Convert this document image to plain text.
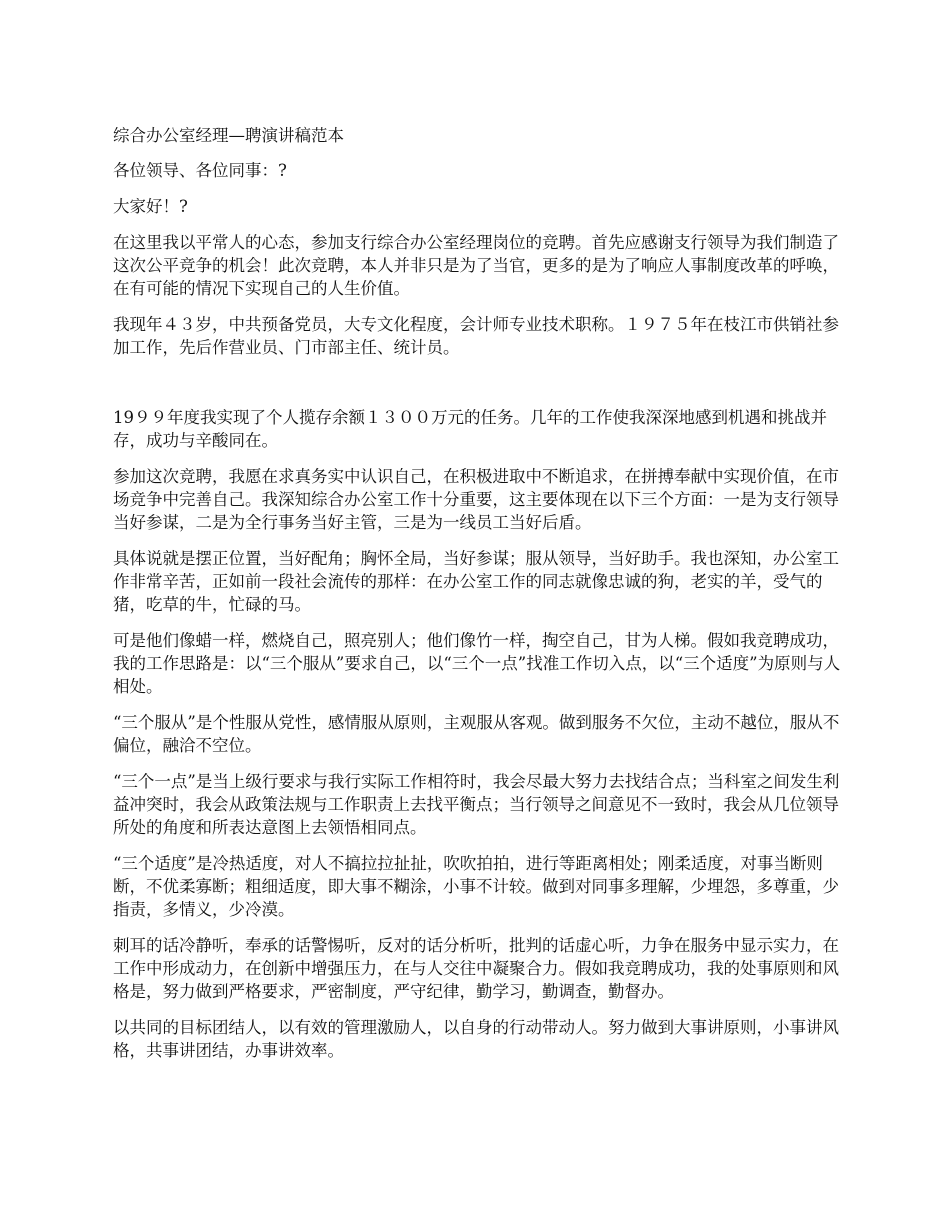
综合办公室经理—聘演讲稿范本

各位领导、各位同事：?

大家好！?

在这里我以平常人的心态，参加支行综合办公室经理岗位的竞聘。首先应感谢支行领导为我们制造了这次公平竞争的机会！此次竞聘，本人并非只是为了当官，更多的是为了响应人事制度改革的呼唤，在有可能的情况下实现自己的人生价值。

我现年４３岁，中共预备党员，大专文化程度，会计师专业技术职称。１９７５年在枝江市供销社参加工作，先后作营业员、门市部主任、统计员。

19９９年度我实现了个人揽存余额１３００万元的任务。几年的工作使我深深地感到机遇和挑战并存，成功与辛酸同在。

参加这次竞聘，我愿在求真务实中认识自己，在积极进取中不断追求，在拼搏奉献中实现价值，在市场竞争中完善自己。我深知综合办公室工作十分重要，这主要体现在以下三个方面：一是为支行领导当好参谋，二是为全行事务当好主管，三是为一线员工当好后盾。

具体说就是摆正位置，当好配角；胸怀全局，当好参谋；服从领导，当好助手。我也深知，办公室工作非常辛苦，正如前一段社会流传的那样：在办公室工作的同志就像忠诚的狗，老实的羊，受气的猪，吃草的牛，忙碌的马。

可是他们像蜡一样，燃烧自己，照亮别人；他们像竹一样，掏空自己，甘为人梯。假如我竞聘成功，我的工作思路是：以“三个服从”要求自己，以“三个一点”找准工作切入点，以“三个适度”为原则与人相处。

“三个服从”是个性服从党性，感情服从原则，主观服从客观。做到服务不欠位，主动不越位，服从不偏位，融洽不空位。

“三个一点”是当上级行要求与我行实际工作相符时，我会尽最大努力去找结合点；当科室之间发生利益冲突时，我会从政策法规与工作职责上去找平衡点；当行领导之间意见不一致时，我会从几位领导所处的角度和所表达意图上去领悟相同点。

“三个适度”是冷热适度，对人不搞拉拉扯扯，吹吹拍拍，进行等距离相处；刚柔适度，对事当断则断，不优柔寡断；粗细适度，即大事不糊涂，小事不计较。做到对同事多理解，少埋怨，多尊重，少指责，多情义，少冷漠。

刺耳的话冷静听，奉承的话警惕听，反对的话分析听，批判的话虚心听，力争在服务中显示实力，在工作中形成动力，在创新中增强压力，在与人交往中凝聚合力。假如我竞聘成功，我的处事原则和风格是，努力做到严格要求，严密制度，严守纪律，勤学习，勤调查，勤督办。

以共同的目标团结人，以有效的管理激励人，以自身的行动带动人。努力做到大事讲原则，小事讲风格，共事讲团结，办事讲效率。
